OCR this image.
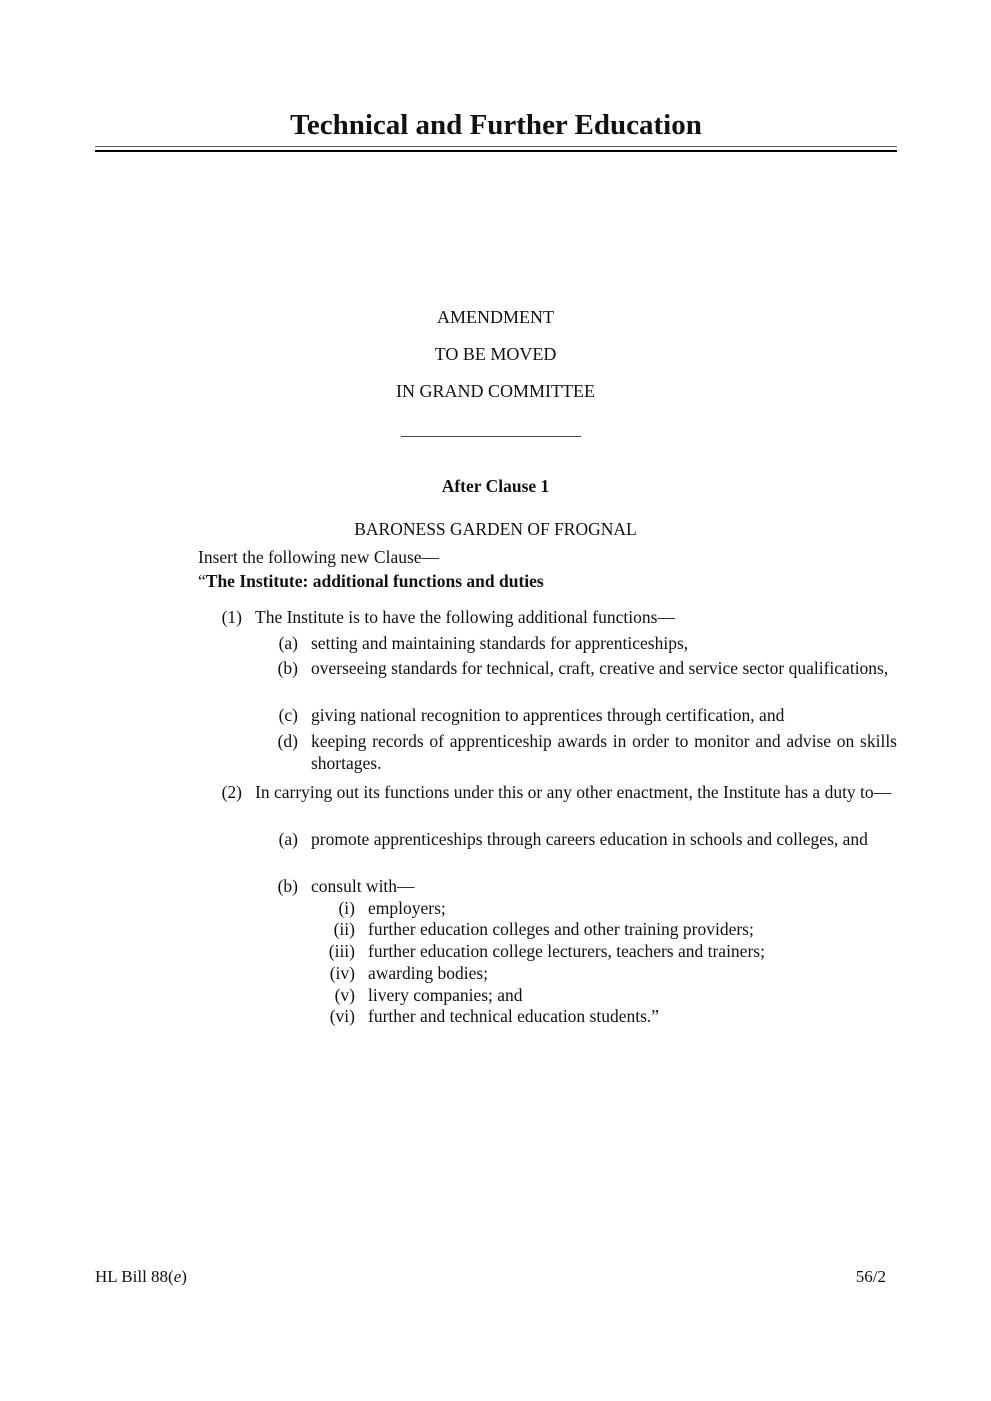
Technical and Further Education
AMENDMENT
TO BE MOVED
IN GRAND COMMITTEE
After Clause 1
BARONESS GARDEN OF FROGNAL
Insert the following new Clause—
“The Institute: additional functions and duties
(1) The Institute is to have the following additional functions—
(a) setting and maintaining standards for apprenticeships,
(b) overseeing standards for technical, craft, creative and service sector qualifications,
(c) giving national recognition to apprentices through certification, and
(d) keeping records of apprenticeship awards in order to monitor and advise on skills shortages.
(2) In carrying out its functions under this or any other enactment, the Institute has a duty to—
(a) promote apprenticeships through careers education in schools and colleges, and
(b) consult with—
(i) employers;
(ii) further education colleges and other training providers;
(iii) further education college lecturers, teachers and trainers;
(iv) awarding bodies;
(v) livery companies; and
(vi) further and technical education students.”
HL Bill 88(e)	56/2
